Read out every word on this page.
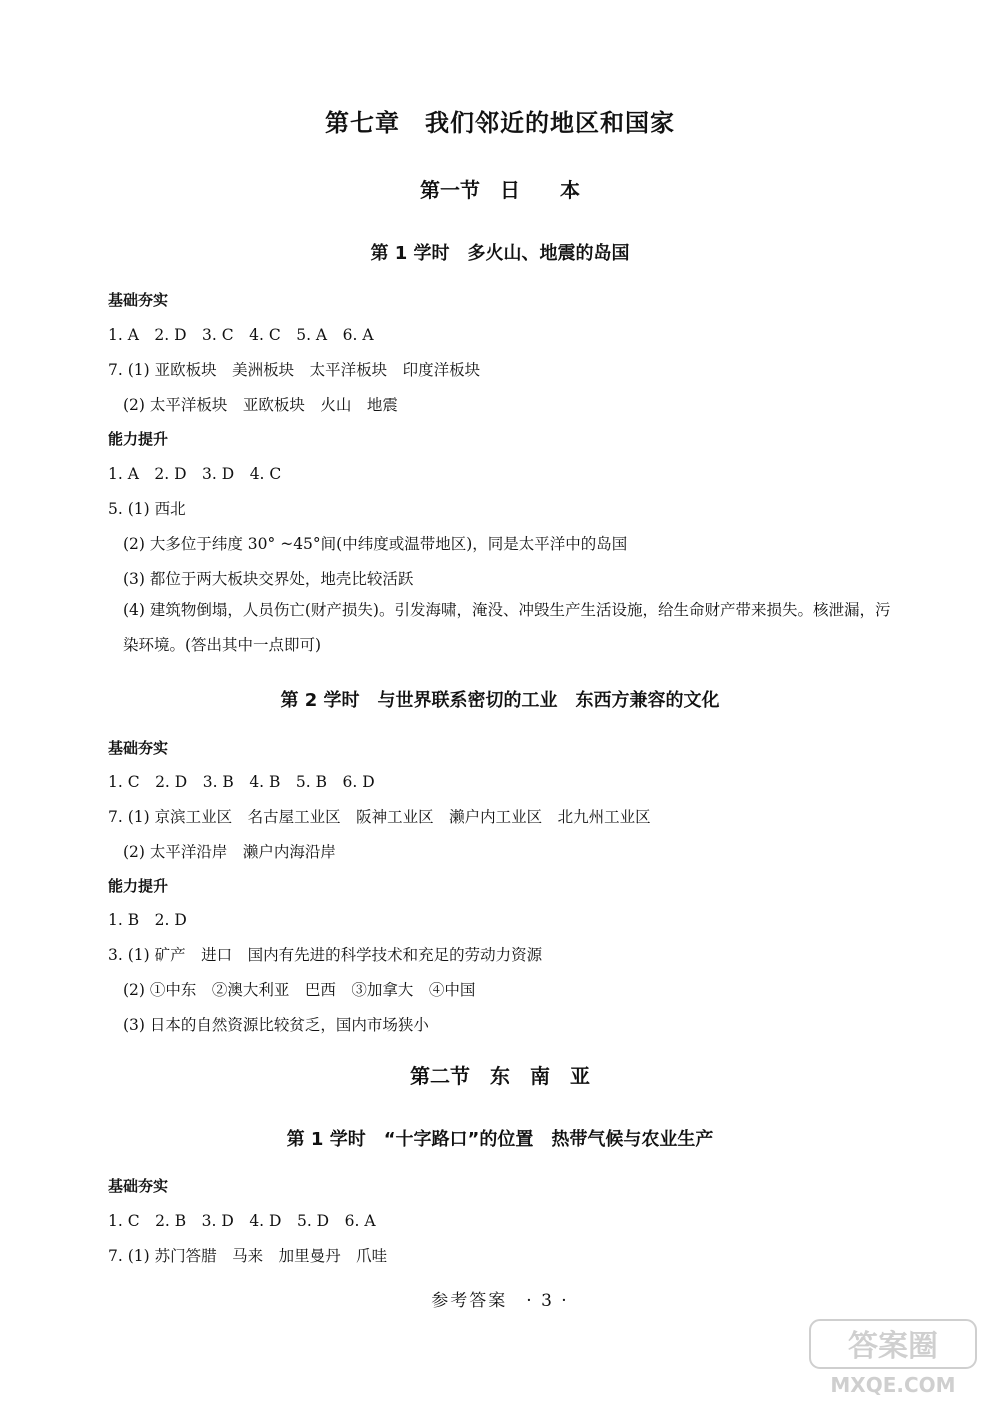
第七章　我们邻近的地区和国家
第一节　日　　本
第 1 学时　多火山、地震的岛国
基础夯实
1. A　2. D　3. C　4. C　5. A　6. A
7. (1) 亚欧板块　美洲板块　太平洋板块　印度洋板块
(2) 太平洋板块　亚欧板块　火山　地震
能力提升
1. A　2. D　3. D　4. C
5. (1) 西北
(2) 大多位于纬度 30° ~45°间(中纬度或温带地区)，同是太平洋中的岛国
(3) 都位于两大板块交界处，地壳比较活跃
(4) 建筑物倒塌，人员伤亡(财产损失)。引发海啸，淹没、冲毁生产生活设施，给生命财产带来损失。核泄漏，污染环境。(答出其中一点即可)
第 2 学时　与世界联系密切的工业　东西方兼容的文化
基础夯实
1. C　2. D　3. B　4. B　5. B　6. D
7. (1) 京滨工业区　名古屋工业区　阪神工业区　濑户内工业区　北九州工业区
(2) 太平洋沿岸　濑户内海沿岸
能力提升
1. B　2. D
3. (1) 矿产　进口　国内有先进的科学技术和充足的劳动力资源
(2) ①中东　②澳大利亚　巴西　③加拿大　④中国
(3) 日本的自然资源比较贫乏，国内市场狭小
第二节　东　南　亚
第 1 学时　“十字路口”的位置　热带气候与农业生产
基础夯实
1. C　2. B　3. D　4. D　5. D　6. A
7. (1) 苏门答腊　马来　加里曼丹　爪哇
参考答案　· 3 ·
答案圈
MXQE.COM
